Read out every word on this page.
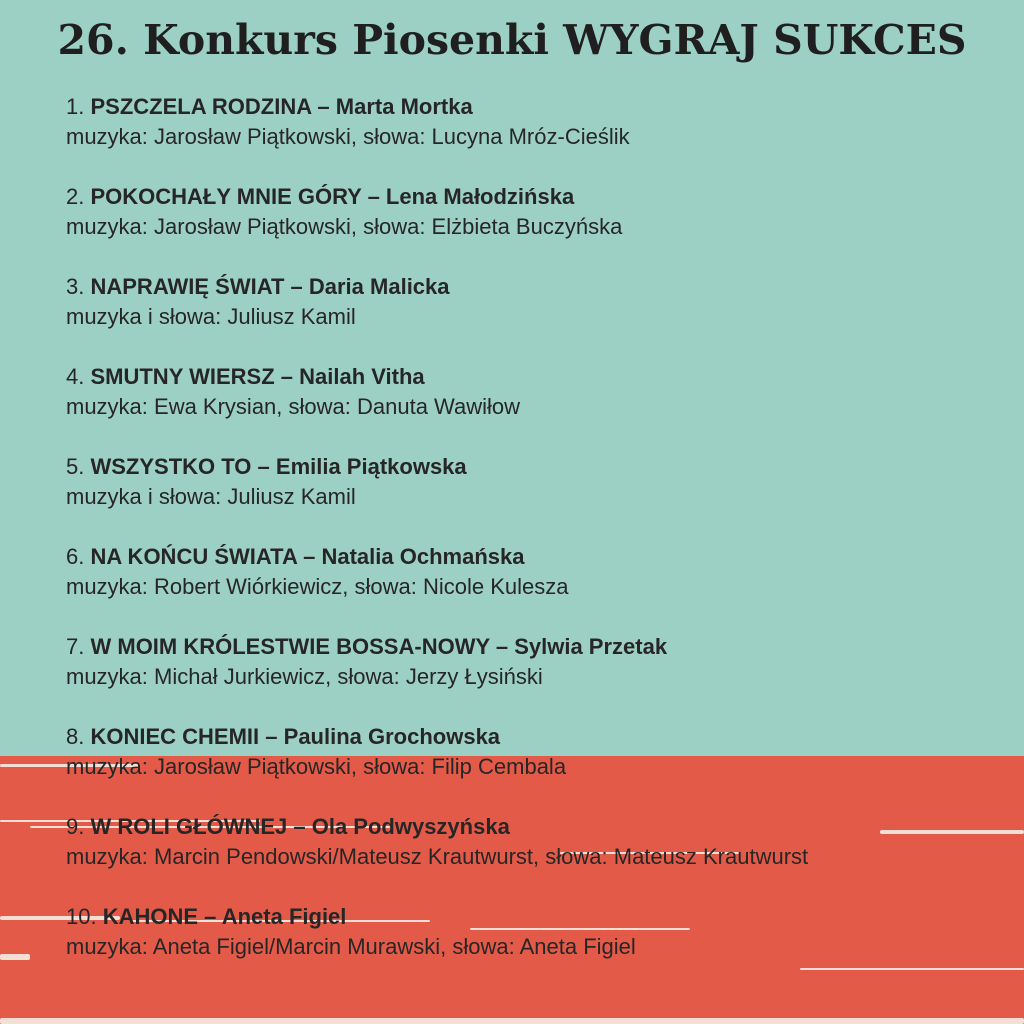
26. Konkurs Piosenki WYGRAJ SUKCES
1. PSZCZELA RODZINA – Marta Mortka
muzyka: Jarosław Piątkowski, słowa: Lucyna Mróz-Cieślik
2. POKOCHAŁY MNIE GÓRY – Lena Małodzińska
muzyka: Jarosław Piątkowski, słowa: Elżbieta Buczyńska
3. NAPRAWIĘ ŚWIAT – Daria Malicka
muzyka i słowa: Juliusz Kamil
4. SMUTNY WIERSZ – Nailah Vitha
muzyka: Ewa Krysian, słowa: Danuta Wawiłow
5. WSZYSTKO TO – Emilia Piątkowska
muzyka i słowa: Juliusz Kamil
6. NA KOŃCU ŚWIATA – Natalia Ochmańska
muzyka: Robert Wiórkiewicz, słowa: Nicole Kulesza
7. W MOIM KRÓLESTWIE BOSSA-NOWY – Sylwia Przetak
muzyka: Michał Jurkiewicz, słowa: Jerzy Łysiński
8. KONIEC CHEMII – Paulina Grochowska
muzyka: Jarosław Piątkowski, słowa: Filip Cembala
9. W ROLI GŁÓWNEJ – Ola Podwyszyńska
muzyka: Marcin Pendowski/Mateusz Krautwurst, słowa: Mateusz Krautwurst
10. KAHONE – Aneta Figiel
muzyka: Aneta Figiel/Marcin Murawski, słowa: Aneta Figiel
